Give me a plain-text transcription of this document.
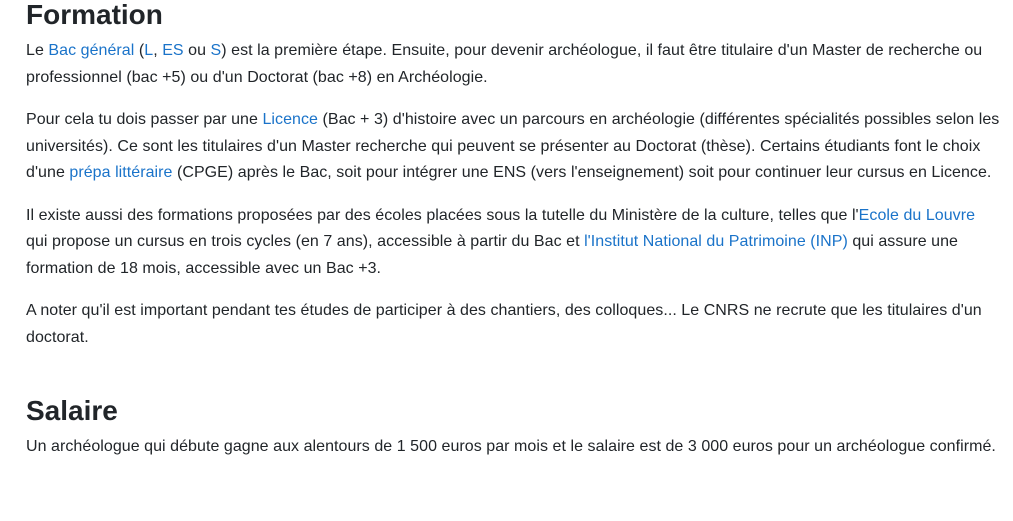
Formation

Le Bac général (L, ES ou S) est la première étape. Ensuite, pour devenir archéologue, il faut être titulaire d'un Master de recherche ou professionnel (bac +5) ou d'un Doctorat (bac +8) en Archéologie.

Pour cela tu dois passer par une Licence (Bac + 3) d'histoire avec un parcours en archéologie (différentes spécialités possibles selon les universités). Ce sont les titulaires d'un Master recherche qui peuvent se présenter au Doctorat (thèse). Certains étudiants font le choix d'une prépa littéraire (CPGE) après le Bac, soit pour intégrer une ENS (vers l'enseignement) soit pour continuer leur cursus en Licence.

Il existe aussi des formations proposées par des écoles placées sous la tutelle du Ministère de la culture, telles que l'Ecole du Louvre qui propose un cursus en trois cycles (en 7 ans), accessible à partir du Bac et l'Institut National du Patrimoine (INP) qui assure une formation de 18 mois, accessible avec un Bac +3.

A noter qu'il est important pendant tes études de participer à des chantiers, des colloques... Le CNRS ne recrute que les titulaires d'un doctorat.

Salaire

Un archéologue qui débute gagne aux alentours de 1 500 euros par mois et le salaire est de 3 000 euros pour un archéologue confirmé.
